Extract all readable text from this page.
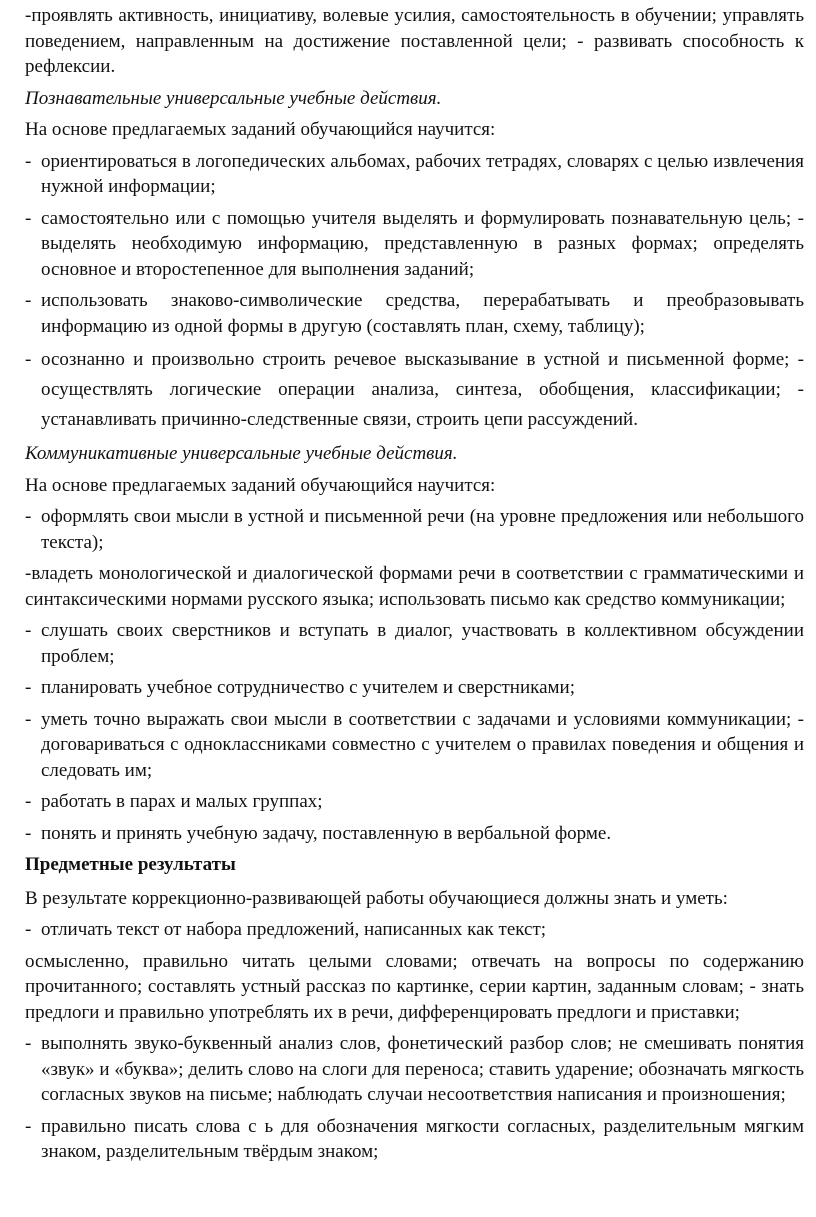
-проявлять активность, инициативу, волевые усилия, самостоятельность в обучении; управлять поведением, направленным на достижение поставленной цели; - развивать способность к рефлексии.

Познавательные универсальные учебные действия.

На основе предлагаемых заданий обучающийся научится:

- ориентироваться в логопедических альбомах, рабочих тетрадях, словарях с целью извлечения нужной информации;
- самостоятельно или с помощью учителя выделять и формулировать познавательную цель; - выделять необходимую информацию, представленную в разных формах; определять основное и второстепенное для выполнения заданий;
- использовать знаково-символические средства, перерабатывать и преобразовывать информацию из одной формы в другую (составлять план, схему, таблицу);
- осознанно и произвольно строить речевое высказывание в устной и письменной форме; - осуществлять логические операции анализа, синтеза, обобщения, классификации; - устанавливать причинно-следственные связи, строить цепи рассуждений.

Коммуникативные универсальные учебные действия.

На основе предлагаемых заданий обучающийся научится:

- оформлять свои мысли в устной и письменной речи (на уровне предложения или небольшого текста);

-владеть монологической и диалогической формами речи в соответствии с грамматическими и синтаксическими нормами русского языка; использовать письмо как средство коммуникации;

- слушать своих сверстников и вступать в диалог, участвовать в коллективном обсуждении проблем;
- планировать учебное сотрудничество с учителем и сверстниками;
- уметь точно выражать свои мысли в соответствии с задачами и условиями коммуникации; - договариваться с одноклассниками совместно с учителем о правилах поведения и общения и следовать им;
- работать в парах и малых группах;
- понять и принять учебную задачу, поставленную в вербальной форме.

Предметные результаты

В результате коррекционно-развивающей работы обучающиеся должны знать и уметь:

- отличать текст от набора предложений, написанных как текст;

осмысленно, правильно читать целыми словами; отвечать на вопросы по содержанию прочитанного; составлять устный рассказ по картинке, серии картин, заданным словам; - знать предлоги и правильно употреблять их в речи, дифференцировать предлоги и приставки;

- выполнять звуко-буквенный анализ слов, фонетический разбор слов; не смешивать понятия «звук» и «буква»; делить слово на слоги для переноса; ставить ударение; обозначать мягкость согласных звуков на письме; наблюдать случаи несоответствия написания и произношения;
- правильно писать слова с ь для обозначения мягкости согласных, разделительным мягким знаком, разделительным твёрдым знаком;
